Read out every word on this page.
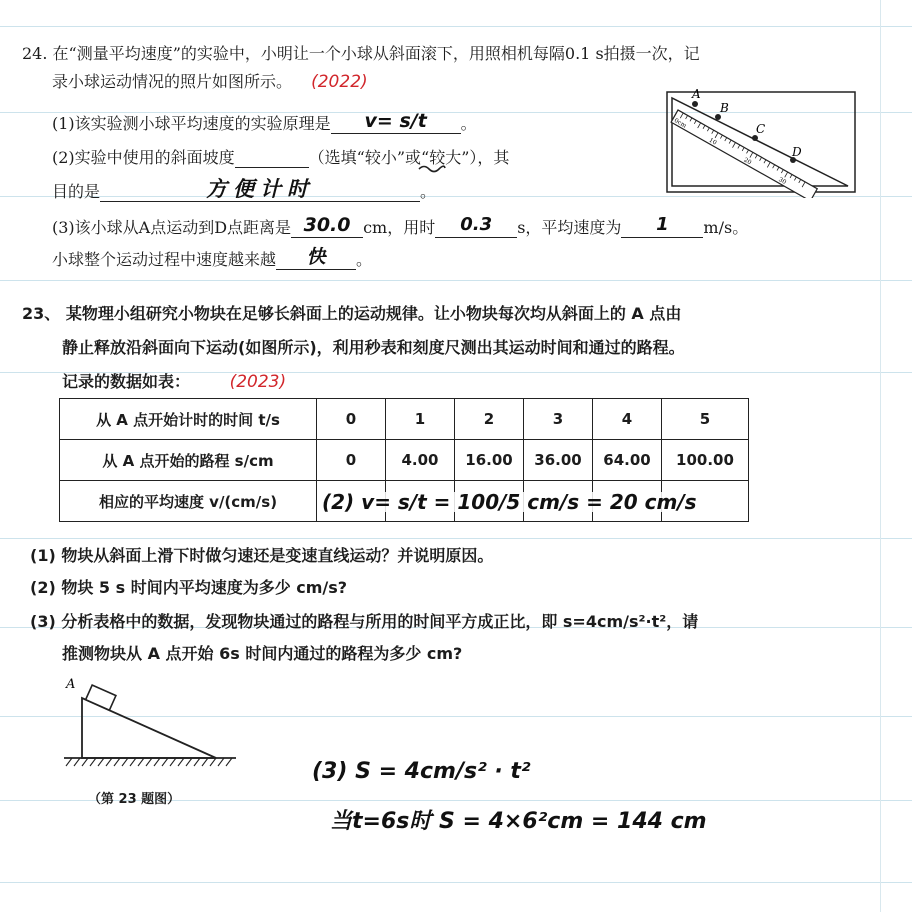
24. 在“测量平均速度”的实验中，小明让一个小球从斜面滚下，用照相机每隔0.1 s拍摄一次，记
录小球运动情况的照片如图所示。 (2022)
(1)该实验测小球平均速度的实验原理是	v= s/t	。
(2)实验中使用的斜面坡度	（选填“较小”或“较大”），其
目的是	方便计时	。
(3)该小球从A点运动到D点距离是 30.0 cm，用时	0.3	s，平均速度为	1	m/s。
小球整个运动过程中速度越来越	快	。
0cm
10
20
30
A
B
C
D
23、 某物理小组研究小物块在足够长斜面上的运动规律。让小物块每次均从斜面上的 A 点由
静止释放沿斜面向下运动(如图所示)，利用秒表和刻度尺测出其运动时间和通过的路程。
记录的数据如表： (2023)
从 A 点开始计时的时间 t/s	0	1	2	3	4	5
从 A 点开始的路程 s/cm	0	4.00	16.00	36.00	64.00	100.00
相应的平均速度 v/(cm/s)						(2) v= s/t = 100/5 cm/s = 20 cm/s
(1) 物块从斜面上滑下时做匀速还是变速直线运动？并说明原因。
(2) 物块 5 s 时间内平均速度为多少 cm/s?
(3) 分析表格中的数据，发现物块通过的路程与所用的时间平方成正比，即 s=4cm/s²·t²，请
推测物块从 A 点开始 6s 时间内通过的路程为多少 cm?
A
（第 23 题图）
(3) S = 4cm/s² · t²
当t=6s时 S = 4×6²cm = 144 cm
